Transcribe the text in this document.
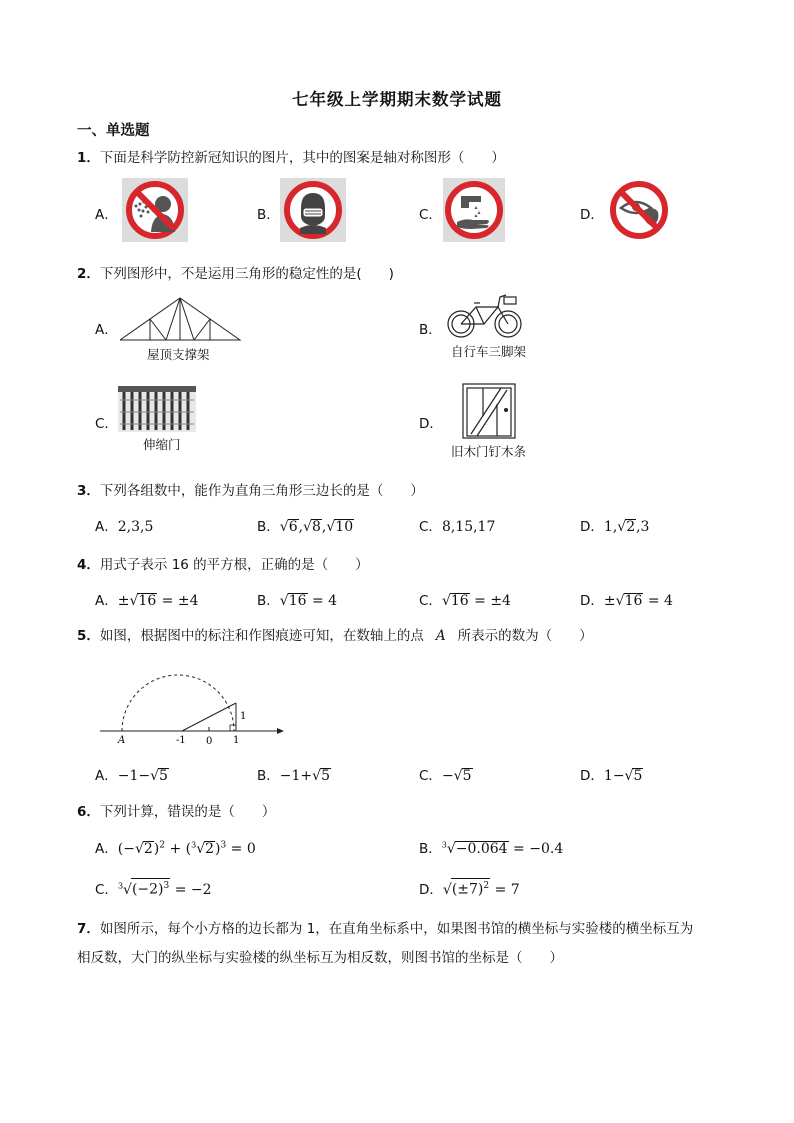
七年级上学期期末数学试题
一、单选题
1．下面是科学防控新冠知识的图片，其中的图案是轴对称图形（　　）
A．	B．	C．	D．
2．下列图形中，不是运用三角形的稳定性的是(　　)
A．
屋顶支撑架
B．
自行车三脚架
C．
伸缩门
D．
旧木门钉木条
3．下列各组数中，能作为直角三角形三边长的是（　　）
A．2,3,5	B．√6,√8,√10	C．8,15,17	D．1,√2,3
4．用式子表示 16 的平方根，正确的是（　　）
A．±√16 = ±4	B．√16 = 4	C．√16 = ±4	D．±√16 = 4
5．如图，根据图中的标注和作图痕迹可知，在数轴上的点 A 所表示的数为（　　）
A	-1 0 1
1
A．−1−√5	B．−1+√5	C．−√5	D．1−√5
6．下列计算，错误的是（　　）
A．$(-√2)^2 + (^3√2)^3 = 0$	B．$^3$√−0.064 = −0.4
C．$^3√(-2)^3 = -2$	D．$√(\pm 7)^2 = 7$
7．如图所示，每个小方格的边长都为 1，在直角坐标系中，如果图书馆的横坐标与实验楼的横坐标互为
相反数，大门的纵坐标与实验楼的纵坐标互为相反数，则图书馆的坐标是（　　）
